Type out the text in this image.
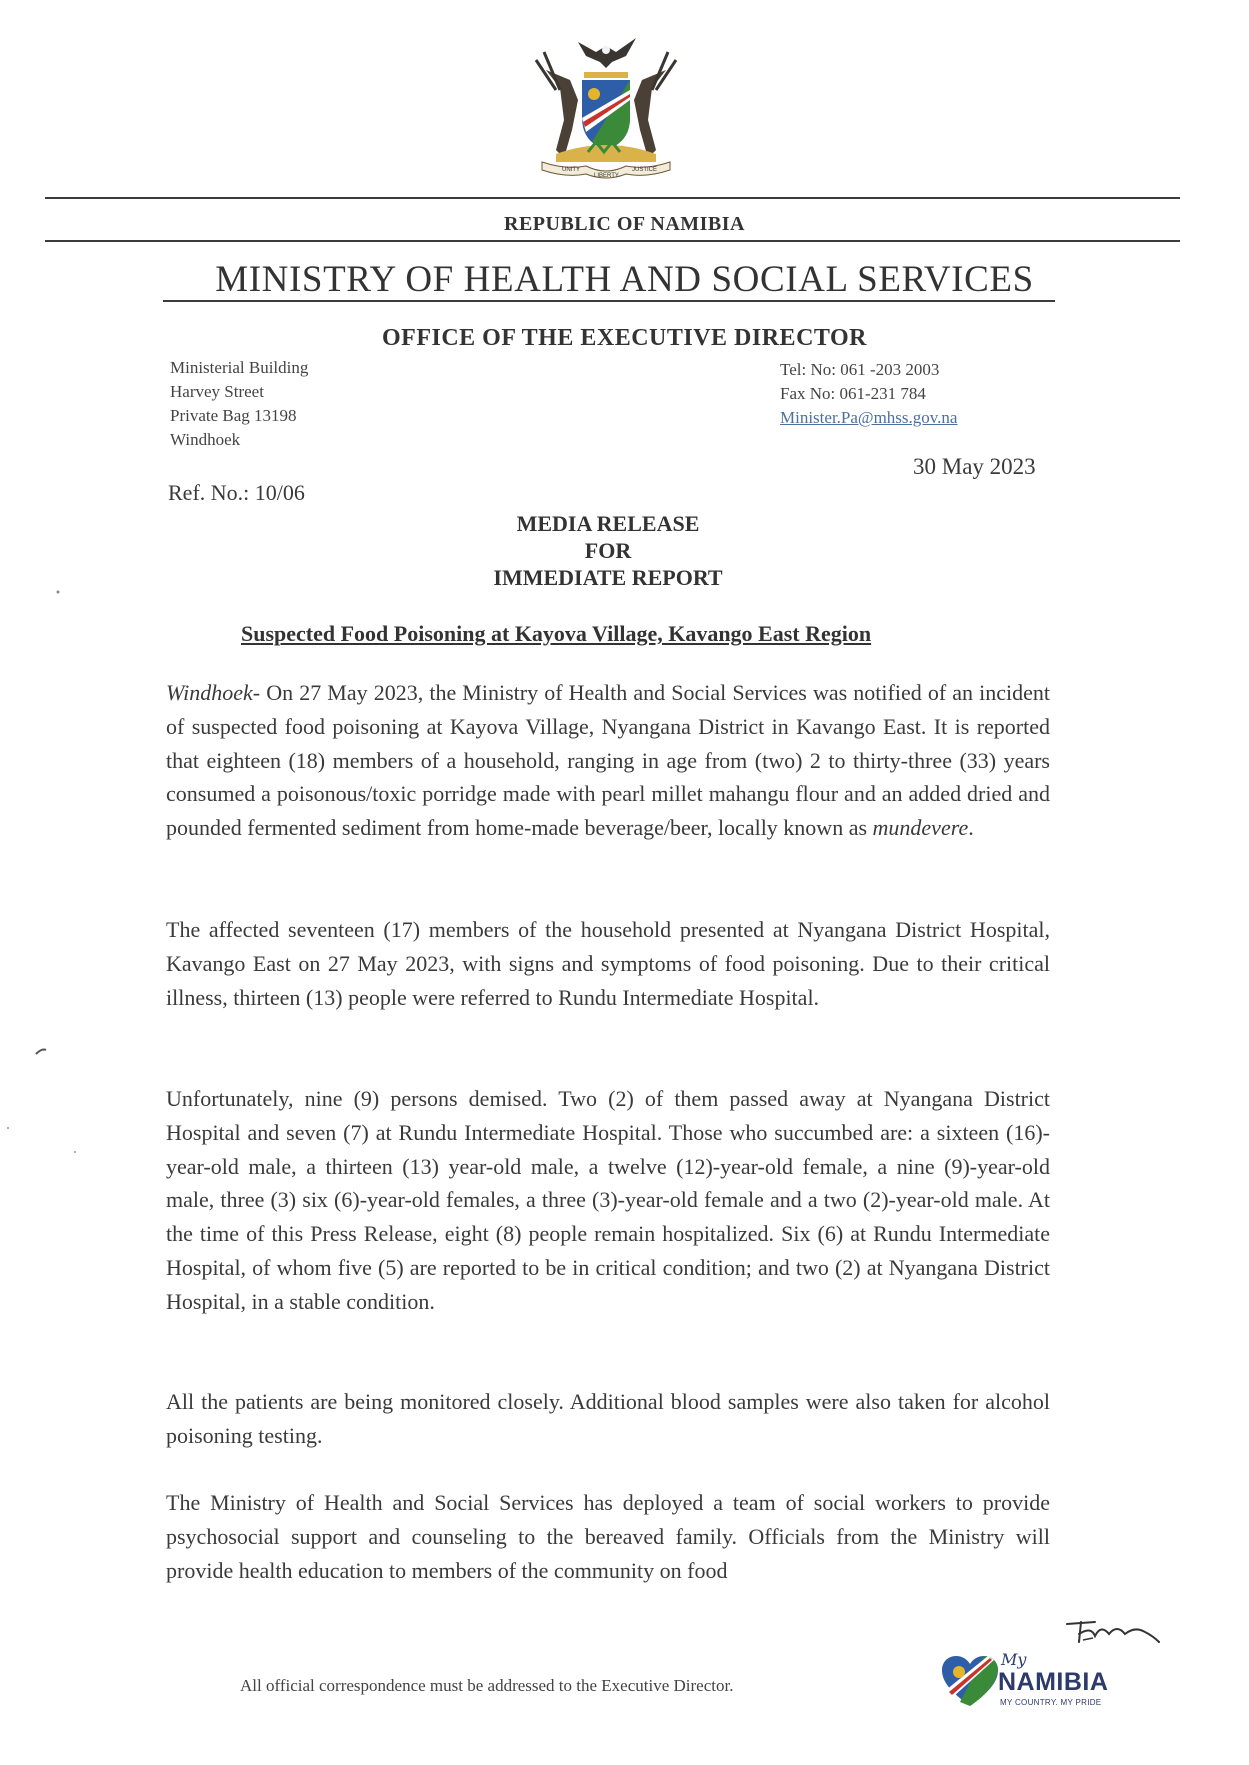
UNITY
LIBERTY
JUSTICE
REPUBLIC OF NAMIBIA
MINISTRY OF HEALTH AND SOCIAL SERVICES
OFFICE OF THE EXECUTIVE DIRECTOR
Ministerial Building
Harvey Street
Private Bag 13198
Windhoek
Tel: No: 061 -203 2003
Fax No: 061-231 784
Minister.Pa@mhss.gov.na
30 May 2023
Ref. No.: 10/06
MEDIA RELEASE
FOR
IMMEDIATE REPORT
Suspected Food Poisoning at Kayova Village, Kavango East Region
Windhoek- On 27 May 2023, the Ministry of Health and Social Services was notified of an incident of suspected food poisoning at Kayova Village, Nyangana District in Kavango East. It is reported that eighteen (18) members of a household, ranging in age from (two) 2 to thirty-three (33) years consumed a poisonous/toxic porridge made with pearl millet mahangu flour and an added dried and pounded fermented sediment from home-made beverage/beer, locally known as mundevere.
The affected seventeen (17) members of the household presented at Nyangana District Hospital, Kavango East on 27 May 2023, with signs and symptoms of food poisoning. Due to their critical illness, thirteen (13) people were referred to Rundu Intermediate Hospital.
Unfortunately, nine (9) persons demised. Two (2) of them passed away at Nyangana District Hospital and seven (7) at Rundu Intermediate Hospital. Those who succumbed are: a sixteen (16)-year-old male, a thirteen (13) year-old male, a twelve (12)-year-old female, a nine (9)-year-old male, three (3) six (6)-year-old females, a three (3)-year-old female and a two (2)-year-old male. At the time of this Press Release, eight (8) people remain hospitalized. Six (6) at Rundu Intermediate Hospital, of whom five (5) are reported to be in critical condition; and two (2) at Nyangana District Hospital, in a stable condition.
All the patients are being monitored closely. Additional blood samples were also taken for alcohol poisoning testing.
The Ministry of Health and Social Services has deployed a team of social workers to provide psychosocial support and counseling to the bereaved family. Officials from the Ministry will provide health education to members of the community on food
All official correspondence must be addressed to the Executive Director.
My
NAMIBIA
MY COUNTRY. MY PRIDE
